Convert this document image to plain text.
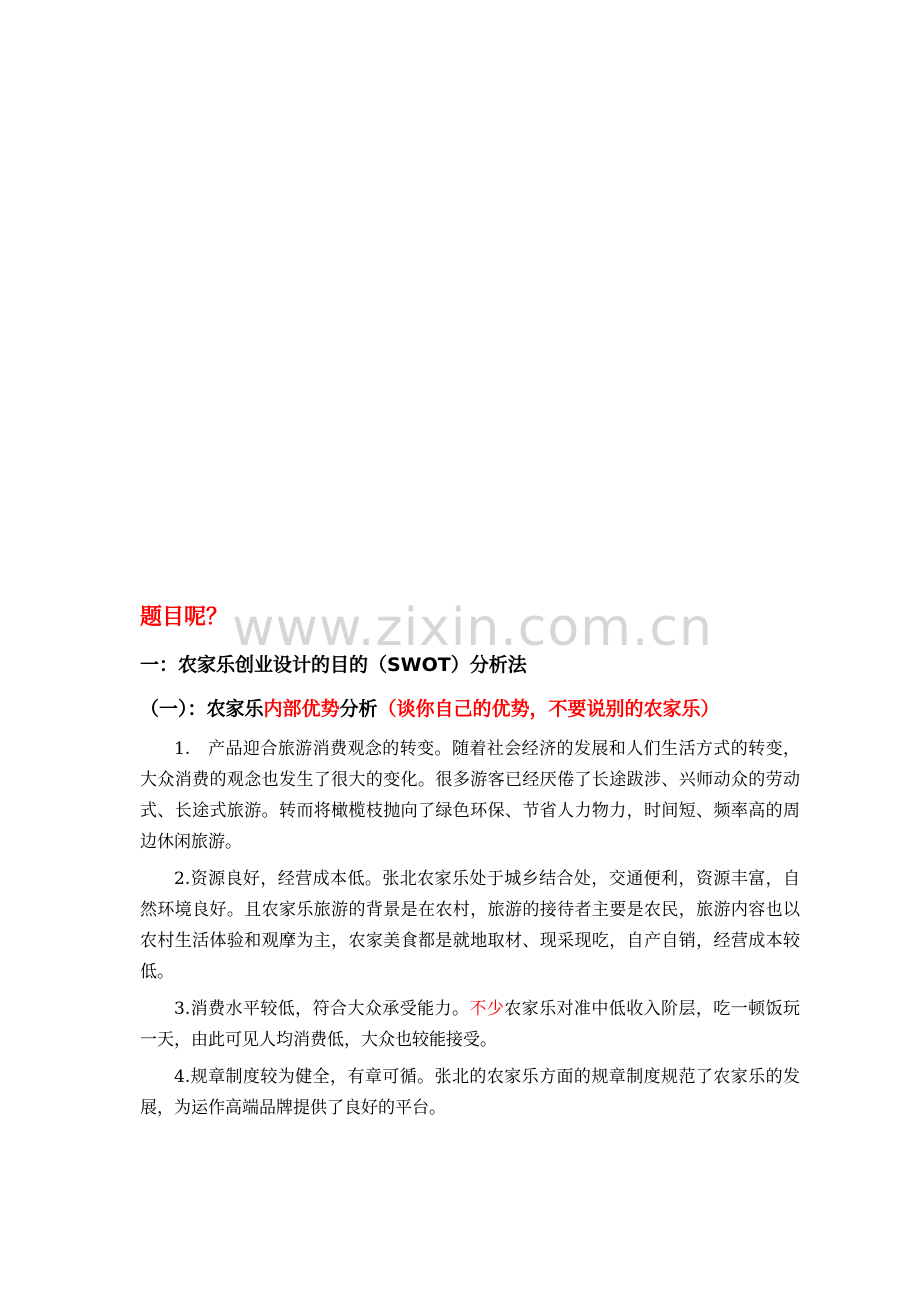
www.zixin.com.cn
题目呢？
一：农家乐创业设计的目的（SWOT）分析法
（一）：农家乐内部优势分析（谈你自己的优势，不要说别的农家乐）

1.　产品迎合旅游消费观念的转变。随着社会经济的发展和人们生活方式的转变，大众消费的观念也发生了很大的变化。很多游客已经厌倦了长途跋涉、兴师动众的劳动式、长途式旅游。转而将橄榄枝抛向了绿色环保、节省人力物力，时间短、频率高的周边休闲旅游。

2.资源良好，经营成本低。张北农家乐处于城乡结合处，交通便利，资源丰富，自然环境良好。且农家乐旅游的背景是在农村，旅游的接待者主要是农民，旅游内容也以农村生活体验和观摩为主，农家美食都是就地取材、现采现吃，自产自销，经营成本较低。

3.消费水平较低，符合大众承受能力。不少农家乐对准中低收入阶层，吃一顿饭玩一天，由此可见人均消费低，大众也较能接受。

4.规章制度较为健全，有章可循。张北的农家乐方面的规章制度规范了农家乐的发展，为运作高端品牌提供了良好的平台。
